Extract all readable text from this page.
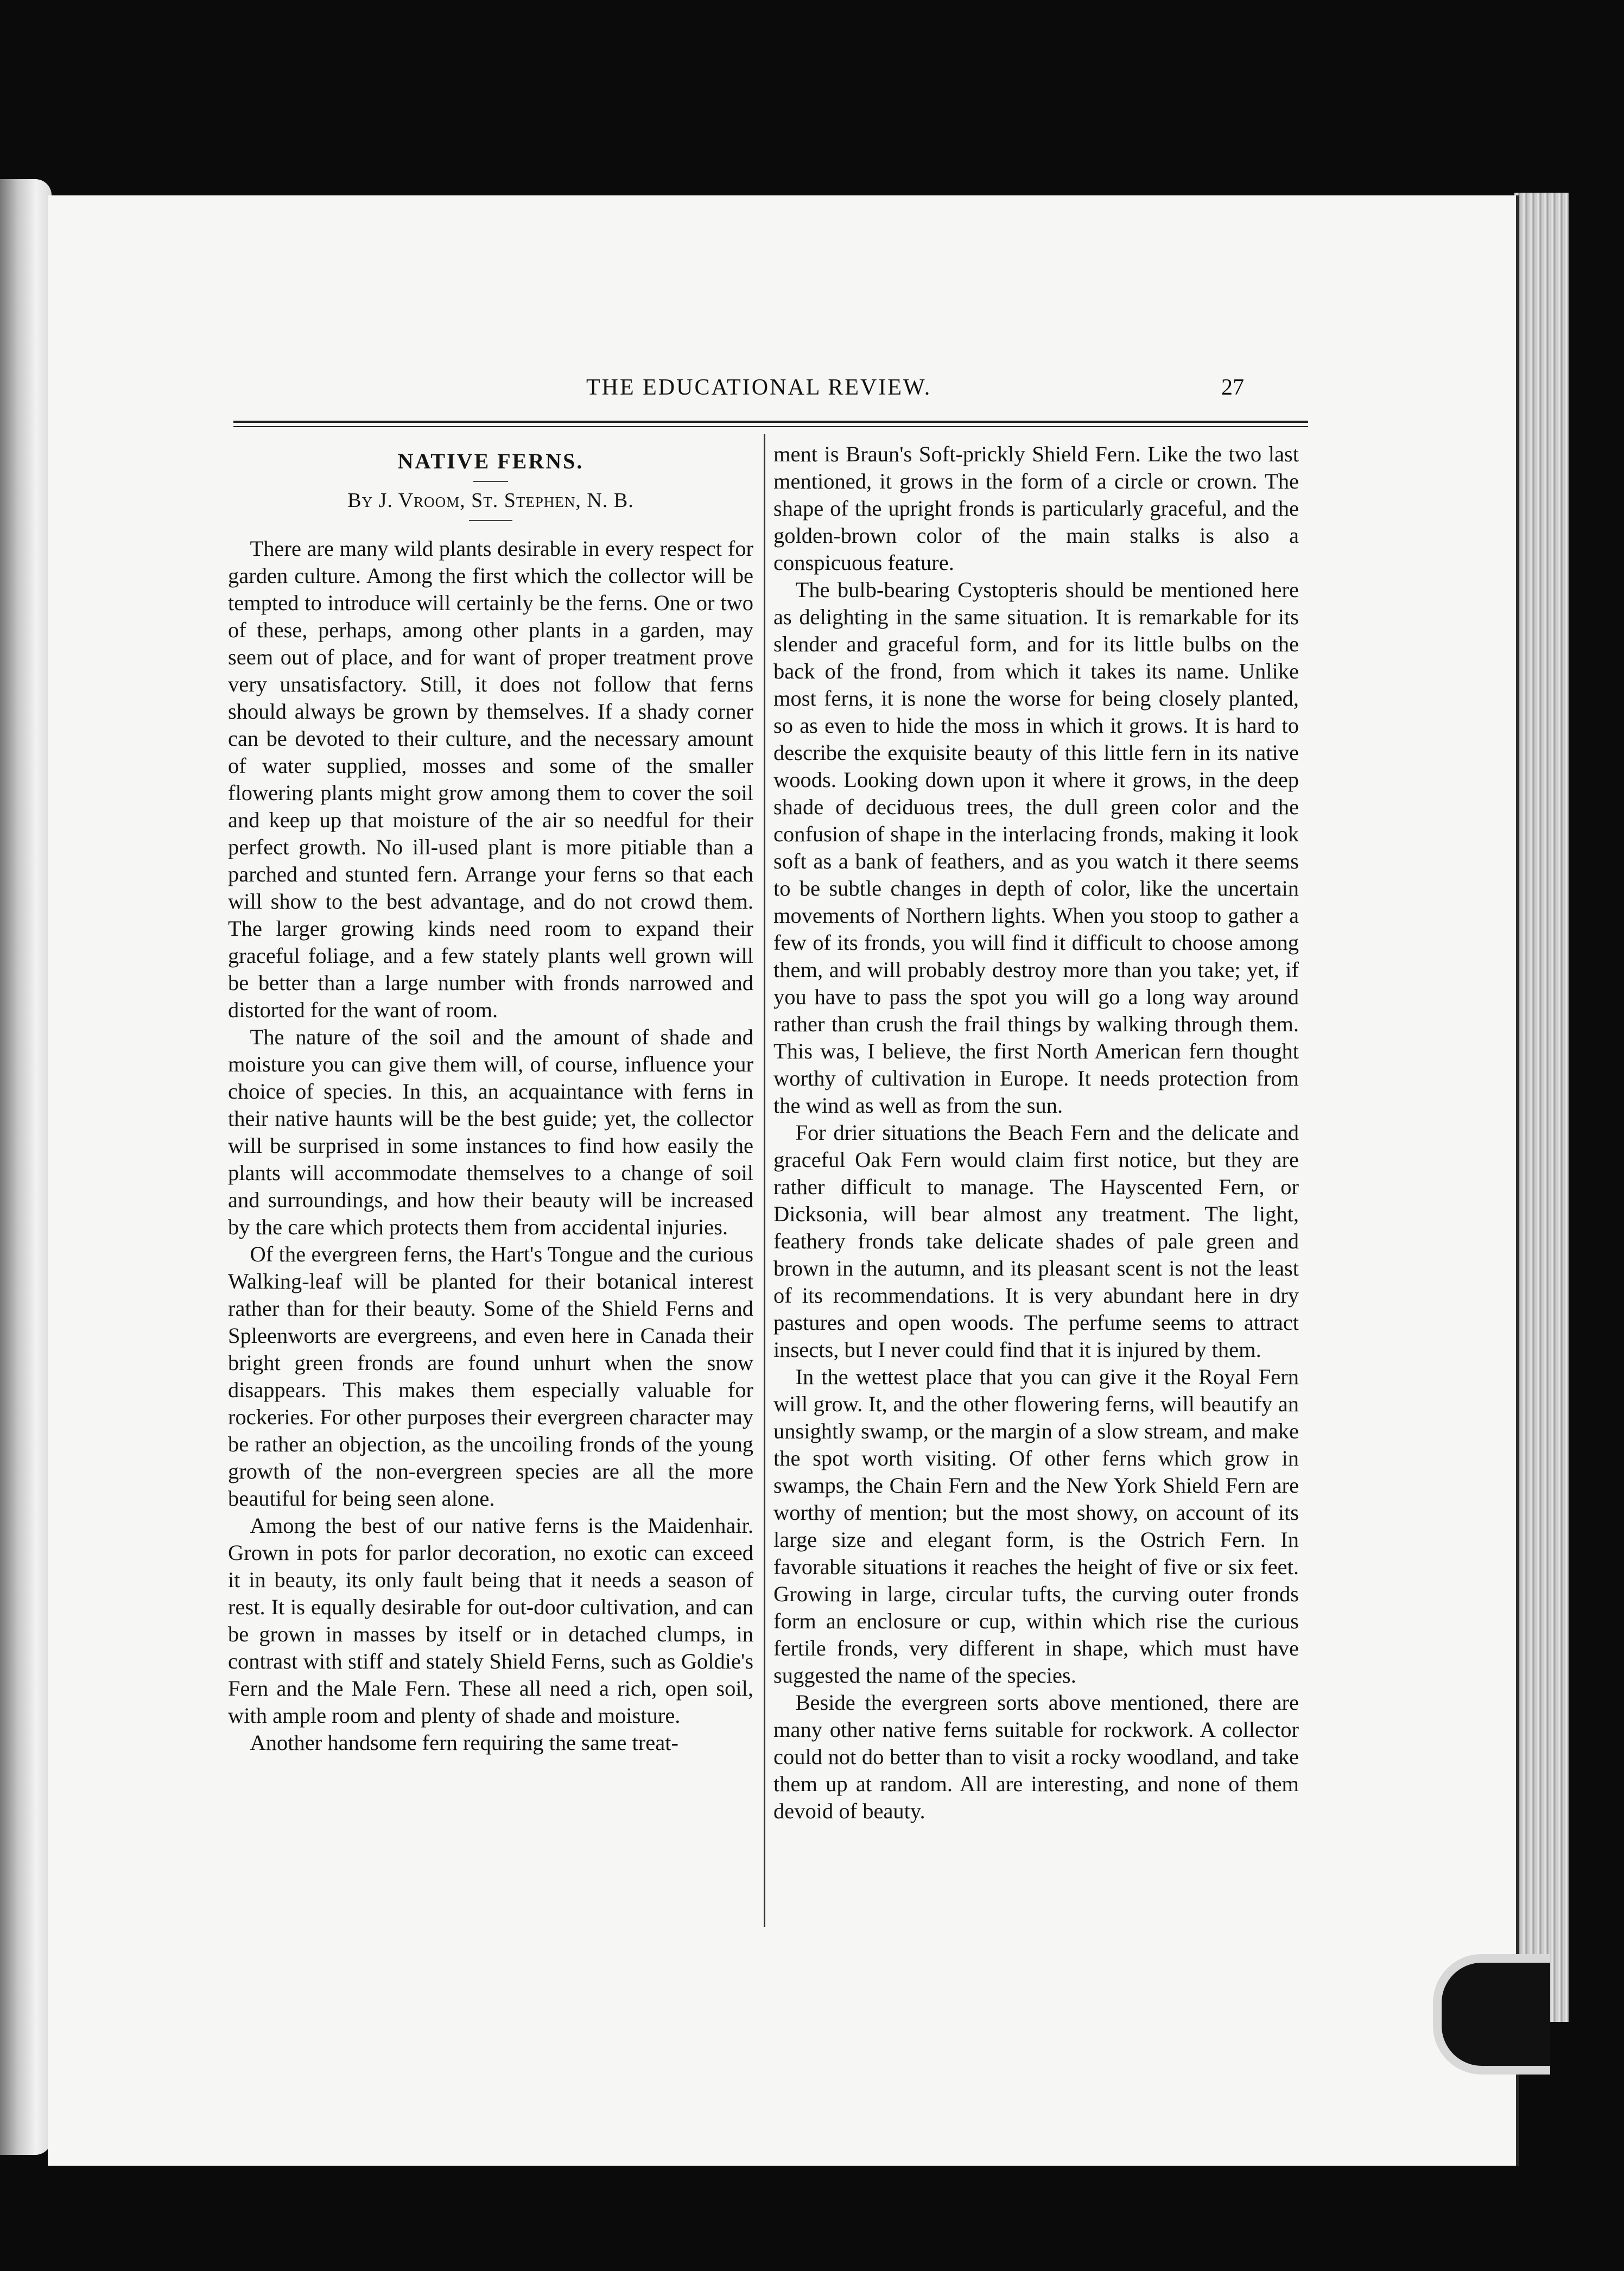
THE EDUCATIONAL REVIEW.	27
NATIVE FERNS.
By J. Vroom, St. Stephen, N. B.

There are many wild plants desirable in every respect for garden culture. Among the first which the collector will be tempted to introduce will certainly be the ferns. One or two of these, perhaps, among other plants in a garden, may seem out of place, and for want of proper treatment prove very unsatisfactory. Still, it does not follow that ferns should always be grown by themselves. If a shady corner can be devoted to their culture, and the necessary amount of water supplied, mosses and some of the smaller flowering plants might grow among them to cover the soil and keep up that moisture of the air so needful for their perfect growth. No ill-used plant is more pitiable than a parched and stunted fern. Arrange your ferns so that each will show to the best advantage, and do not crowd them. The larger growing kinds need room to expand their graceful foliage, and a few stately plants well grown will be better than a large number with fronds narrowed and distorted for the want of room.

The nature of the soil and the amount of shade and moisture you can give them will, of course, influence your choice of species. In this, an acquaintance with ferns in their native haunts will be the best guide; yet, the collector will be surprised in some instances to find how easily the plants will accommodate themselves to a change of soil and surroundings, and how their beauty will be increased by the care which protects them from accidental injuries.

Of the evergreen ferns, the Hart's Tongue and the curious Walking-leaf will be planted for their botanical interest rather than for their beauty. Some of the Shield Ferns and Spleenworts are evergreens, and even here in Canada their bright green fronds are found unhurt when the snow disappears. This makes them especially valuable for rockeries. For other purposes their evergreen character may be rather an objection, as the uncoiling fronds of the young growth of the non-evergreen species are all the more beautiful for being seen alone.

Among the best of our native ferns is the Maidenhair. Grown in pots for parlor decoration, no exotic can exceed it in beauty, its only fault being that it needs a season of rest. It is equally desirable for out-door cultivation, and can be grown in masses by itself or in detached clumps, in contrast with stiff and stately Shield Ferns, such as Goldie's Fern and the Male Fern. These all need a rich, open soil, with ample room and plenty of shade and moisture.

Another handsome fern requiring the same treat-

ment is Braun's Soft-prickly Shield Fern. Like the two last mentioned, it grows in the form of a circle or crown. The shape of the upright fronds is particularly graceful, and the golden-brown color of the main stalks is also a conspicuous feature.

The bulb-bearing Cystopteris should be mentioned here as delighting in the same situation. It is remarkable for its slender and graceful form, and for its little bulbs on the back of the frond, from which it takes its name. Unlike most ferns, it is none the worse for being closely planted, so as even to hide the moss in which it grows. It is hard to describe the exquisite beauty of this little fern in its native woods. Looking down upon it where it grows, in the deep shade of deciduous trees, the dull green color and the confusion of shape in the interlacing fronds, making it look soft as a bank of feathers, and as you watch it there seems to be subtle changes in depth of color, like the uncertain movements of Northern lights. When you stoop to gather a few of its fronds, you will find it difficult to choose among them, and will probably destroy more than you take; yet, if you have to pass the spot you will go a long way around rather than crush the frail things by walking through them. This was, I believe, the first North American fern thought worthy of cultivation in Europe. It needs protection from the wind as well as from the sun.

For drier situations the Beach Fern and the delicate and graceful Oak Fern would claim first notice, but they are rather difficult to manage. The Hayscented Fern, or Dicksonia, will bear almost any treatment. The light, feathery fronds take delicate shades of pale green and brown in the autumn, and its pleasant scent is not the least of its recommendations. It is very abundant here in dry pastures and open woods. The perfume seems to attract insects, but I never could find that it is injured by them.

In the wettest place that you can give it the Royal Fern will grow. It, and the other flowering ferns, will beautify an unsightly swamp, or the margin of a slow stream, and make the spot worth visiting. Of other ferns which grow in swamps, the Chain Fern and the New York Shield Fern are worthy of mention; but the most showy, on account of its large size and elegant form, is the Ostrich Fern. In favorable situations it reaches the height of five or six feet. Growing in large, circular tufts, the curving outer fronds form an enclosure or cup, within which rise the curious fertile fronds, very different in shape, which must have suggested the name of the species.

Beside the evergreen sorts above mentioned, there are many other native ferns suitable for rockwork. A collector could not do better than to visit a rocky woodland, and take them up at random. All are interesting, and none of them devoid of beauty.
